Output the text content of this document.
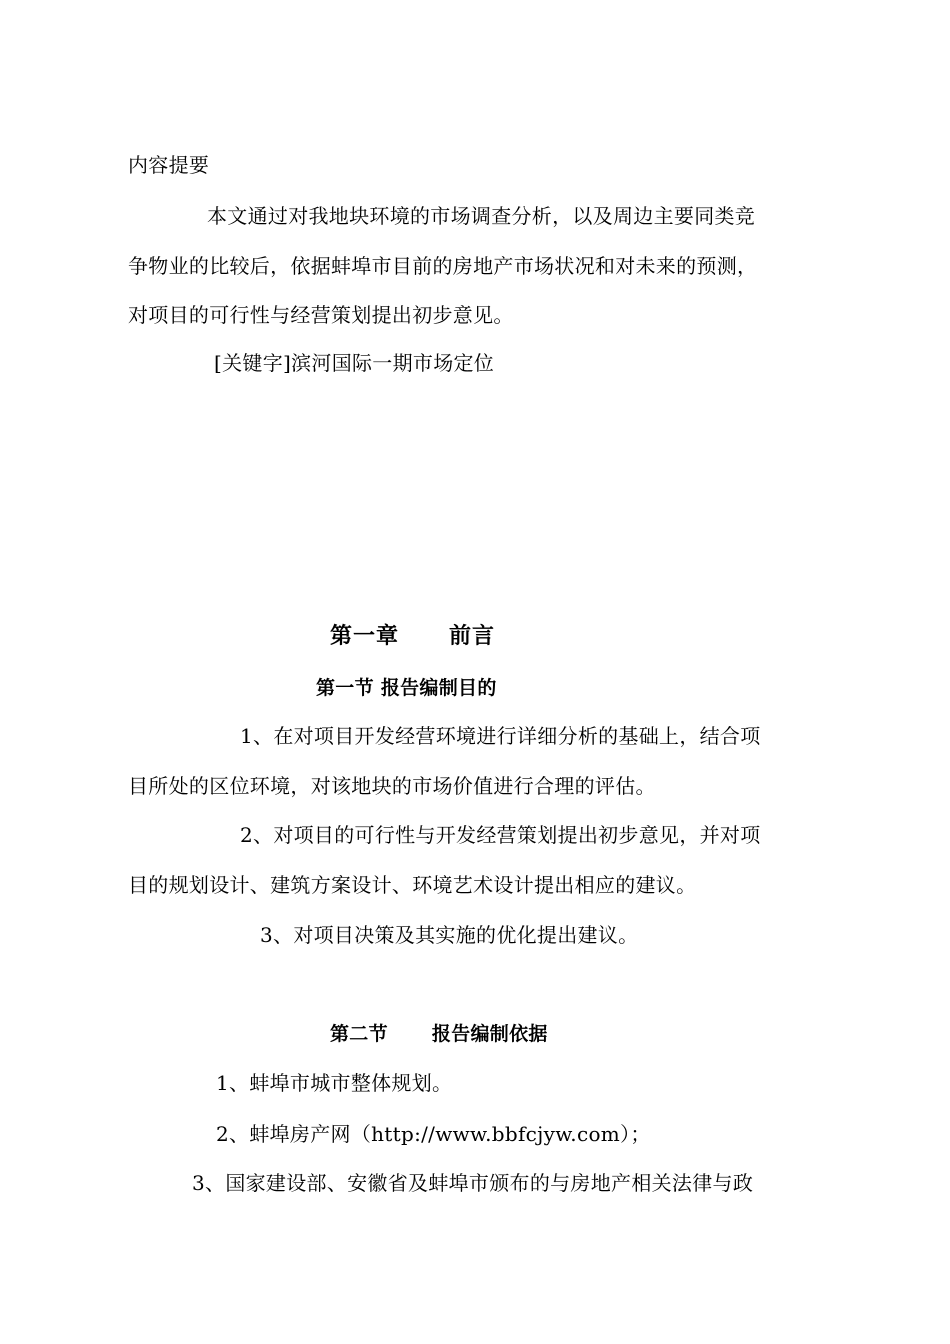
内容提要
本文通过对我地块环境的市场调查分析，以及周边主要同类竞
争物业的比较后，依据蚌埠市目前的房地产市场状况和对未来的预测，
对项目的可行性与经营策划提出初步意见。
[关键字]滨河国际一期市场定位
第一章 前言
第一节 报告编制目的
1、在对项目开发经营环境进行详细分析的基础上，结合项
目所处的区位环境，对该地块的市场价值进行合理的评估。
2、对项目的可行性与开发经营策划提出初步意见，并对项
目的规划设计、建筑方案设计、环境艺术设计提出相应的建议。
3、对项目决策及其实施的优化提出建议。
第二节 报告编制依据
1、蚌埠市城市整体规划。
2、蚌埠房产网（http://www.bbfcjyw.com）；
3、国家建设部、安徽省及蚌埠市颁布的与房地产相关法律与政
